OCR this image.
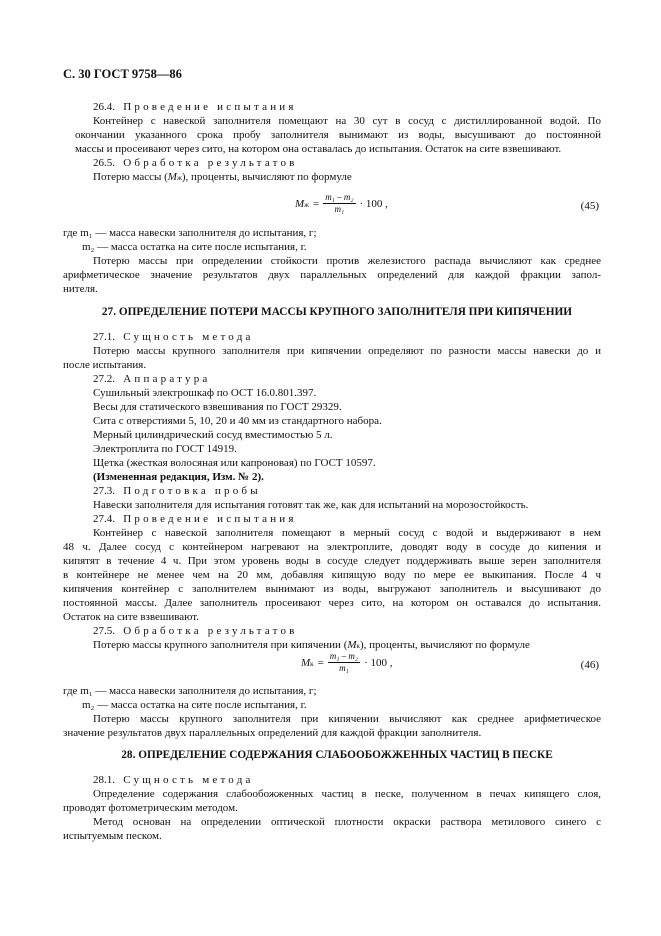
С. 30 ГОСТ 9758—86
26.4. Проведение испытания
Контейнер с навеской заполнителя помещают на 30 сут в сосуд с дистиллированной водой. По
окончании указанного срока пробу заполнителя вынимают из воды, высушивают до постоянной
массы и просеивают через сито, на котором она оставалась до испытания. Остаток на сите взвешивают.
26.5. Обработка результатов
Потерю массы (Mж), проценты, вычисляют по формуле
Mж = $\frac{\text{m₁ – m₂}}{\text{m₁}} \cdot 100$ ,	(45)
где m₁ — масса навески заполнителя до испытания, г;
m₂ — масса остатка на сите после испытания, г.
Потерю массы при определении стойкости против железистого распада вычисляют как среднее
арифметическое значение результатов двух параллельных определений для каждой фракции запол-
нителя.
27. ОПРЕДЕЛЕНИЕ ПОТЕРИ МАССЫ КРУПНОГО ЗАПОЛНИТЕЛЯ ПРИ КИПЯЧЕНИИ
27.1. Сущность метода
Потерю массы крупного заполнителя при кипячении определяют по разности массы навески до и
после испытания.
27.2. Аппаратура
Сушильный электрошкаф по ОСТ 16.0.801.397.
Весы для статического взвешивания по ГОСТ 29329.
Сита с отверстиями 5, 10, 20 и 40 мм из стандартного набора.
Мерный цилиндрический сосуд вместимостью 5 л.
Электроплита по ГОСТ 14919.
Щетка (жесткая волосяная или капроновая) по ГОСТ 10597.
(Измененная редакция, Изм. № 2).
27.3. Подготовка пробы
Навески заполнителя для испытания готовят так же, как для испытаний на морозостойкость.
27.4. Проведение испытания
Контейнер с навеской заполнителя помещают в мерный сосуд с водой и выдерживают в нем
48 ч. Далее сосуд с контейнером нагревают на электроплите, доводят воду в сосуде до кипения и
кипятят в течение 4 ч. При этом уровень воды в сосуде следует поддерживать выше зерен заполнителя
в контейнере не менее чем на 20 мм, добавляя кипящую воду по мере ее выкипания. После 4 ч
кипячения контейнер с заполнителем вынимают из воды, выгружают заполнитель и высушивают до
постоянной массы. Далее заполнитель просеивают через сито, на котором он оставался до испытания.
Остаток на сите взвешивают.
27.5. Обработка результатов
Потерю массы крупного заполнителя при кипячении (Mк), проценты, вычисляют по формуле
Mк = $\frac{\text{m₁ – m₂}}{\text{m₁}} \cdot 100$ ,	(46)
где m₁ — масса навески заполнителя до испытания, г;
m₂ — масса остатка на сите после испытания, г.
Потерю массы крупного заполнителя при кипячении вычисляют как среднее арифметическое
значение результатов двух параллельных определений для каждой фракции заполнителя.
28. ОПРЕДЕЛЕНИЕ СОДЕРЖАНИЯ СЛАБООБОЖЖЕННЫХ ЧАСТИЦ В ПЕСКЕ
28.1. Сущность метода
Определение содержания слабообожженных частиц в песке, полученном в печах кипящего слоя,
проводят фотометрическим методом.
Метод основан на определении оптической плотности окраски раствора метилового синего с
испытуемым песком.
